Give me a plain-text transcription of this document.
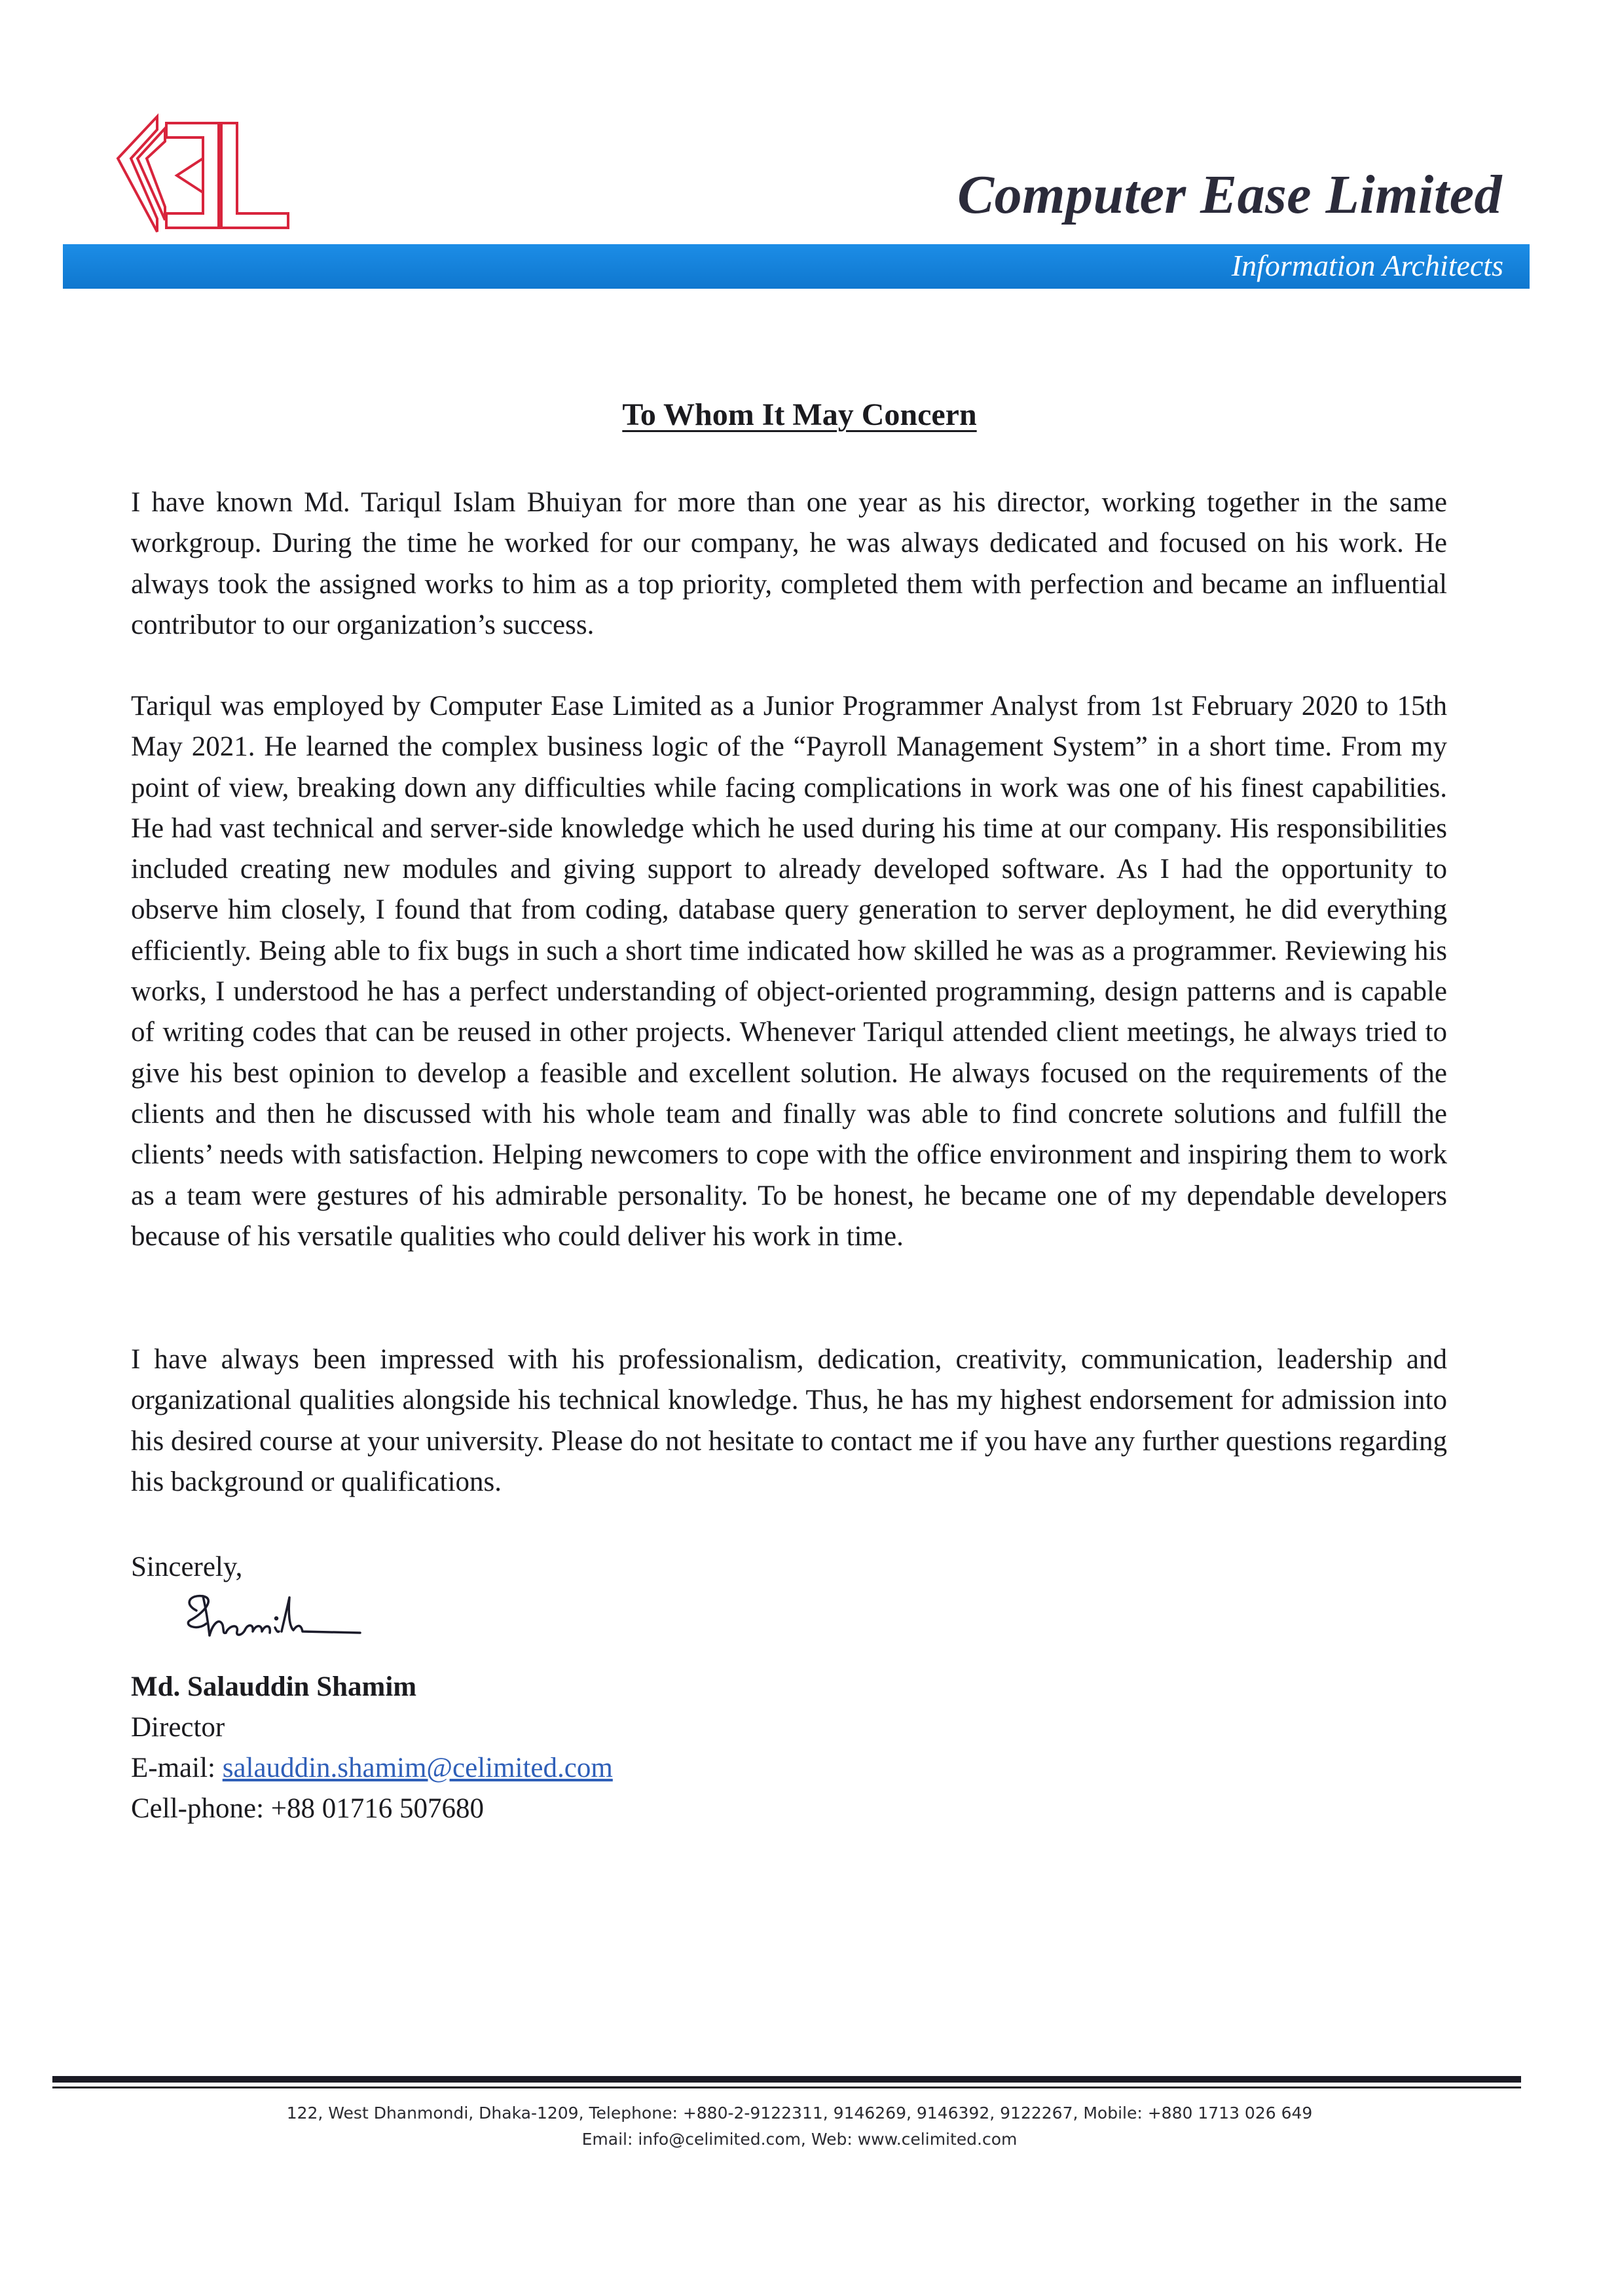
Computer Ease Limited

Information Architects

To Whom It May Concern

I have known Md. Tariqul Islam Bhuiyan for more than one year as his director, working together in the same workgroup. During the time he worked for our company, he was always dedicated and focused on his work. He always took the assigned works to him as a top priority, completed them with perfection and became an influential contributor to our organization’s success.

Tariqul was employed by Computer Ease Limited as a Junior Programmer Analyst from 1st February 2020 to 15th May 2021. He learned the complex business logic of the “Payroll Management System” in a short time. From my point of view, breaking down any difficulties while facing complications in work was one of his finest capabilities. He had vast technical and server-side knowledge which he used during his time at our company. His responsibilities included creating new modules and giving support to already developed software. As I had the opportunity to observe him closely, I found that from coding, database query generation to server deployment, he did everything efficiently. Being able to fix bugs in such a short time indicated how skilled he was as a programmer. Reviewing his works, I understood he has a perfect understanding of object-oriented programming, design patterns and is capable of writing codes that can be reused in other projects. Whenever Tariqul attended client meetings, he always tried to give his best opinion to develop a feasible and excellent solution. He always focused on the requirements of the clients and then he discussed with his whole team and finally was able to find concrete solutions and fulfill the clients’ needs with satisfaction. Helping newcomers to cope with the office environment and inspiring them to work as a team were gestures of his admirable personality. To be honest, he became one of my dependable developers because of his versatile qualities who could deliver his work in time.

I have always been impressed with his professionalism, dedication, creativity, communication, leadership and organizational qualities alongside his technical knowledge. Thus, he has my highest endorsement for admission into his desired course at your university. Please do not hesitate to contact me if you have any further questions regarding his background or qualifications.

Sincerely,

Md. Salauddin Shamim

Director

E-mail: salauddin.shamim@celimited.com

Cell-phone: +88 01716 507680

122, West Dhanmondi, Dhaka-1209, Telephone: +880-2-9122311, 9146269, 9146392, 9122267, Mobile: +880 1713 026 649

Email: info@celimited.com, Web: www.celimited.com
